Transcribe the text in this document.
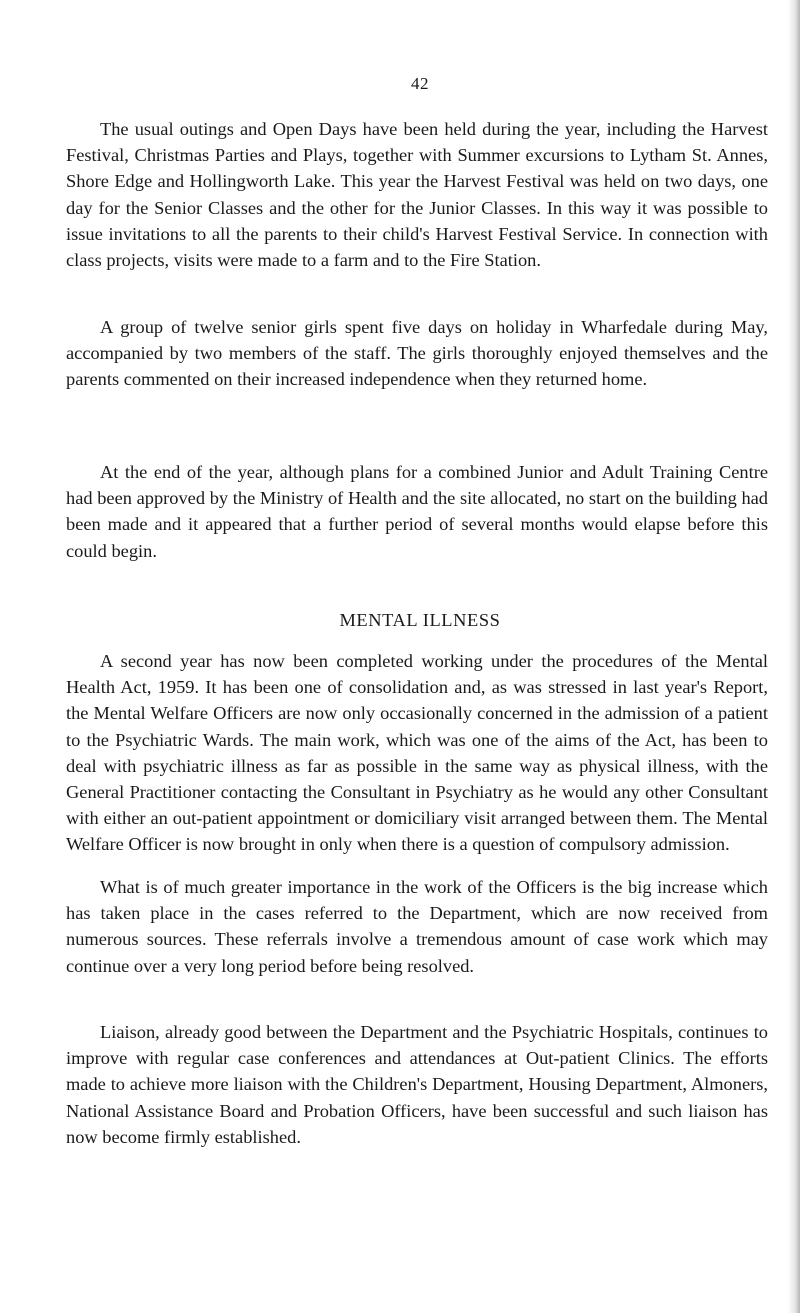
42

The usual outings and Open Days have been held during the year, including the Harvest Festival, Christmas Parties and Plays, together with Summer excursions to Lytham St. Annes, Shore Edge and Hollingworth Lake. This year the Harvest Festival was held on two days, one day for the Senior Classes and the other for the Junior Classes. In this way it was possible to issue invitations to all the parents to their child's Harvest Festival Service. In connection with class projects, visits were made to a farm and to the Fire Station.

A group of twelve senior girls spent five days on holiday in Wharfedale during May, accompanied by two members of the staff. The girls thoroughly enjoyed themselves and the parents commented on their increased independence when they returned home.

At the end of the year, although plans for a combined Junior and Adult Training Centre had been approved by the Ministry of Health and the site allocated, no start on the building had been made and it appeared that a further period of several months would elapse before this could begin.

MENTAL ILLNESS

A second year has now been completed working under the procedures of the Mental Health Act, 1959. It has been one of consolidation and, as was stressed in last year's Report, the Mental Welfare Officers are now only occasionally concerned in the admission of a patient to the Psychiatric Wards. The main work, which was one of the aims of the Act, has been to deal with psychiatric illness as far as possible in the same way as physical illness, with the General Practitioner contacting the Consultant in Psychiatry as he would any other Consultant with either an out-patient appointment or domiciliary visit arranged between them. The Mental Welfare Officer is now brought in only when there is a question of compulsory admission.

What is of much greater importance in the work of the Officers is the big increase which has taken place in the cases referred to the Department, which are now received from numerous sources. These referrals involve a tremendous amount of case work which may continue over a very long period before being resolved.

Liaison, already good between the Department and the Psychiatric Hospitals, continues to improve with regular case conferences and attendances at Out-patient Clinics. The efforts made to achieve more liaison with the Children's Department, Housing Department, Almoners, National Assistance Board and Probation Officers, have been successful and such liaison has now become firmly established.
